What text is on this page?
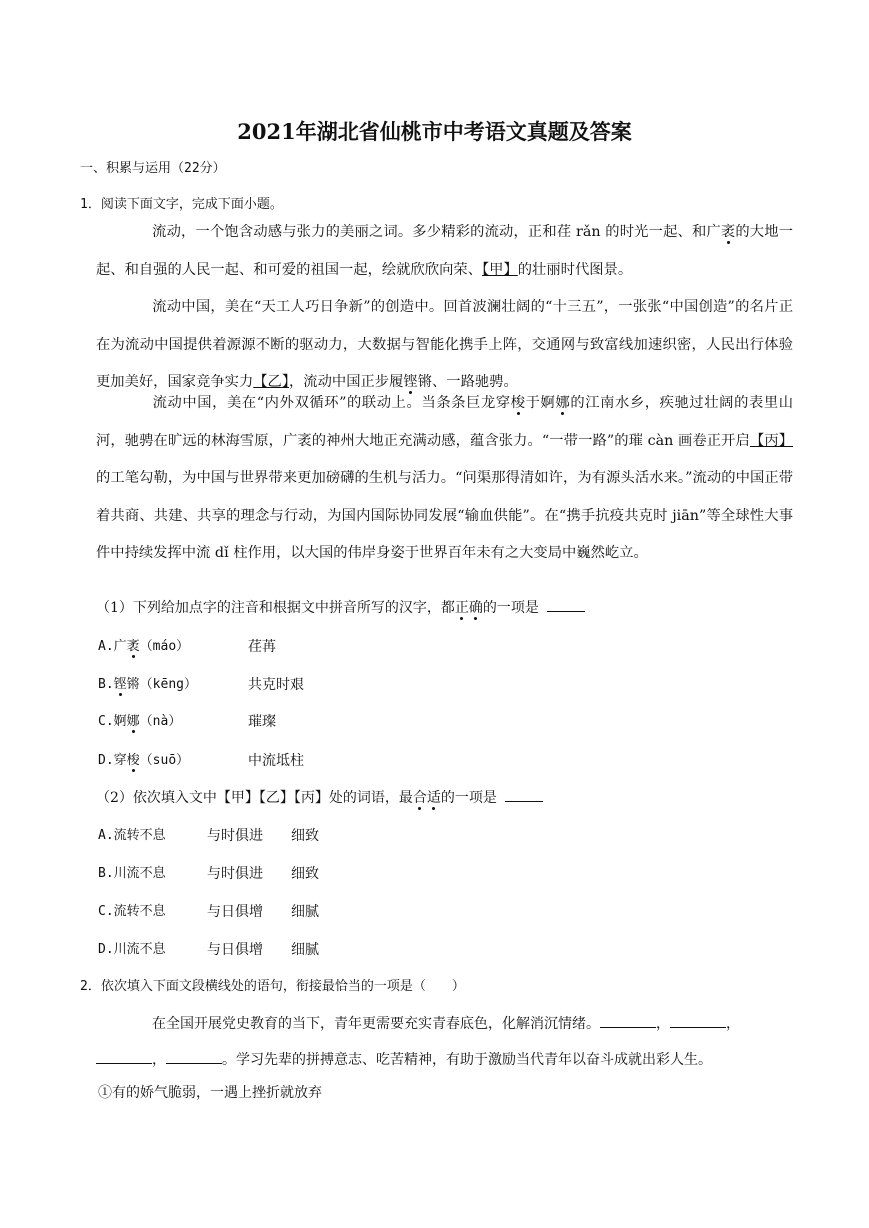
2021年湖北省仙桃市中考语文真题及答案
一、积累与运用（22分）
1．阅读下面文字，完成下面小题。
流动，一个饱含动感与张力的美丽之词。多少精彩的流动，正和荏 rǎn 的时光一起、和广袤的大地一起、和自强的人民一起、和可爱的祖国一起，绘就欣欣向荣、【甲】的壮丽时代图景。
流动中国，美在“天工人巧日争新”的创造中。回首波澜壮阔的“十三五”，一张张“中国创造”的名片正在为流动中国提供着源源不断的驱动力，大数据与智能化携手上阵，交通网与致富线加速织密，人民出行体验更加美好，国家竞争实力【乙】，流动中国正步履铿锵、一路驰骋。
流动中国，美在“内外双循环”的联动上。当条条巨龙穿梭于婀娜的江南水乡，疾驰过壮阔的表里山河，驰骋在旷远的林海雪原，广袤的神州大地正充满动感，蕴含张力。“一带一路”的璀 càn 画卷正开启【丙】的工笔勾勒，为中国与世界带来更加磅礴的生机与活力。“问渠那得清如许，为有源头活水来。”流动的中国正带着共商、共建、共享的理念与行动，为国内国际协同发展“输血供能”。在“携手抗疫共克时 jiān”等全球性大事件中持续发挥中流 dǐ 柱作用，以大国的伟岸身姿于世界百年未有之大变局中巍然屹立。
（1）下列给加点字的注音和根据文中拼音所写的汉字，都正确的一项是
A.广袤（máo）	荏苒
B.铿锵（kēng）	共克时艰
C.婀娜（nà）	璀璨
D.穿梭（suō）	中流坻柱
（2）依次填入文中【甲】【乙】【丙】处的词语，最合适的一项是
A.流转不息	与时俱进 细致
B.川流不息	与时俱进 细致
C.流转不息	与日俱增 细腻
D.川流不息	与日俱增 细腻
2．依次填入下面文段横线处的语句，衔接最恰当的一项是（　　）
在全国开展党史教育的当下，青年更需要充实青春底色，化解消沉情绪。	，	，
，	。学习先辈的拼搏意志、吃苦精神，有助于激励当代青年以奋斗成就出彩人生。
①有的娇气脆弱，一遇上挫折就放弃
